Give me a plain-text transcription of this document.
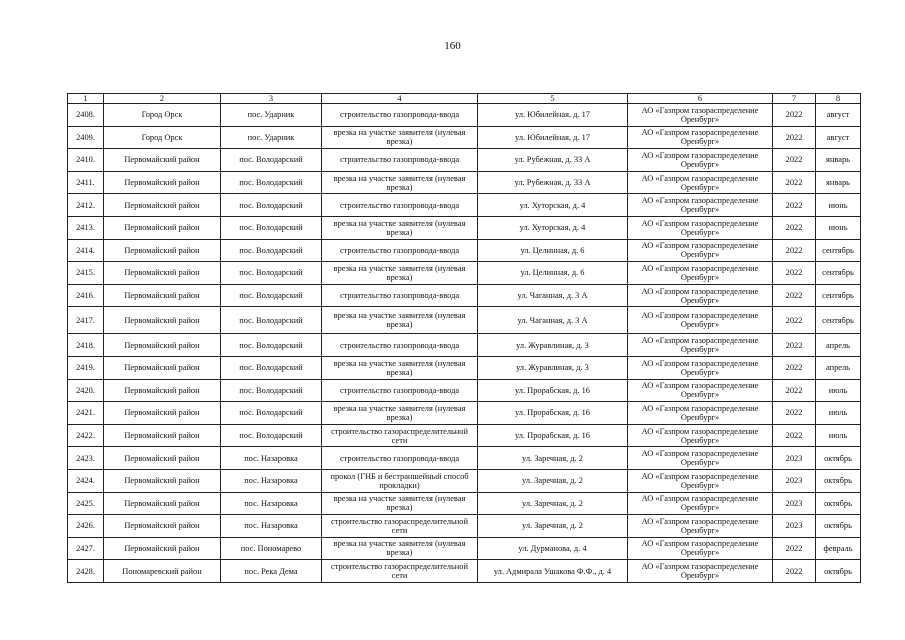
160
1	2	3	4	5	6	7	8
2408.	Город Орск	пос. Ударник	строительство газопровода-ввода	ул. Юбилейная, д. 17	АО «Газпром газораспределение Оренбург»	2022	август
2409.	Город Орск	пос. Ударник	врезка на участке заявителя (нулевая врезка)	ул. Юбилейная, д. 17	АО «Газпром газораспределение Оренбург»	2022	август
2410.	Первомайский район	пос. Володарский	строительство газопровода-ввода	ул. Рубежная, д. 33 А	АО «Газпром газораспределение Оренбург»	2022	январь
2411.	Первомайский район	пос. Володарский	врезка на участке заявителя (нулевая врезка)	ул. Рубежная, д. 33 А	АО «Газпром газораспределение Оренбург»	2022	январь
2412.	Первомайский район	пос. Володарский	строительство газопровода-ввода	ул. Хуторская, д. 4	АО «Газпром газораспределение Оренбург»	2022	июнь
2413.	Первомайский район	пос. Володарский	врезка на участке заявителя (нулевая врезка)	ул. Хуторская, д. 4	АО «Газпром газораспределение Оренбург»	2022	июнь
2414.	Первомайский район	пос. Володарский	строительство газопровода-ввода	ул. Целинная, д. 6	АО «Газпром газораспределение Оренбург»	2022	сентябрь
2415.	Первомайский район	пос. Володарский	врезка на участке заявителя (нулевая врезка)	ул. Целинная, д. 6	АО «Газпром газораспределение Оренбург»	2022	сентябрь
2416.	Первомайский район	пос. Володарский	строительство газопровода-ввода	ул. Чаганная, д. 3 А	АО «Газпром газораспределение Оренбург»	2022	сентябрь
2417.	Первомайский район	пос. Володарский	врезка на участке заявителя (нулевая врезка)	ул. Чаганная, д. 3 А	АО «Газпром газораспределение Оренбург»	2022	сентябрь
2418.	Первомайский район	пос. Володарский	строительство газопровода-ввода	ул. Журавлиная, д. 3	АО «Газпром газораспределение Оренбург»	2022	апрель
2419.	Первомайский район	пос. Володарский	врезка на участке заявителя (нулевая врезка)	ул. Журавлиная, д. 3	АО «Газпром газораспределение Оренбург»	2022	апрель
2420.	Первомайский район	пос. Володарский	строительство газопровода-ввода	ул. Прорабская, д. 16	АО «Газпром газораспределение Оренбург»	2022	июль
2421.	Первомайский район	пос. Володарский	врезка на участке заявителя (нулевая врезка)	ул. Прорабская, д. 16	АО «Газпром газораспределение Оренбург»	2022	июль
2422.	Первомайский район	пос. Володарский	строительство газораспределительной сети	ул. Прорабская, д. 16	АО «Газпром газораспределение Оренбург»	2022	июль
2423.	Первомайский район	пос. Назаровка	строительство газопровода-ввода	ул. Заречная, д. 2	АО «Газпром газораспределение Оренбург»	2023	октябрь
2424.	Первомайский район	пос. Назаровка	прокол (ГНБ и бестраншейный способ прокладки)	ул. Заречная, д. 2	АО «Газпром газораспределение Оренбург»	2023	октябрь
2425.	Первомайский район	пос. Назаровка	врезка на участке заявителя (нулевая врезка)	ул. Заречная, д. 2	АО «Газпром газораспределение Оренбург»	2023	октябрь
2426.	Первомайский район	пос. Назаровка	строительство газораспределительной сети	ул. Заречная, д. 2	АО «Газпром газораспределение Оренбург»	2023	октябрь
2427.	Первомайский район	пос. Пономарево	врезка на участке заявителя (нулевая врезка)	ул. Дурманова, д. 4	АО «Газпром газораспределение Оренбург»	2022	февраль
2428.	Пономаревский район	пос. Река Дема	строительство газораспределительной сети	ул. Адмирала Ушакова Ф.Ф., д. 4	АО «Газпром газораспределение Оренбург»	2022	октябрь
